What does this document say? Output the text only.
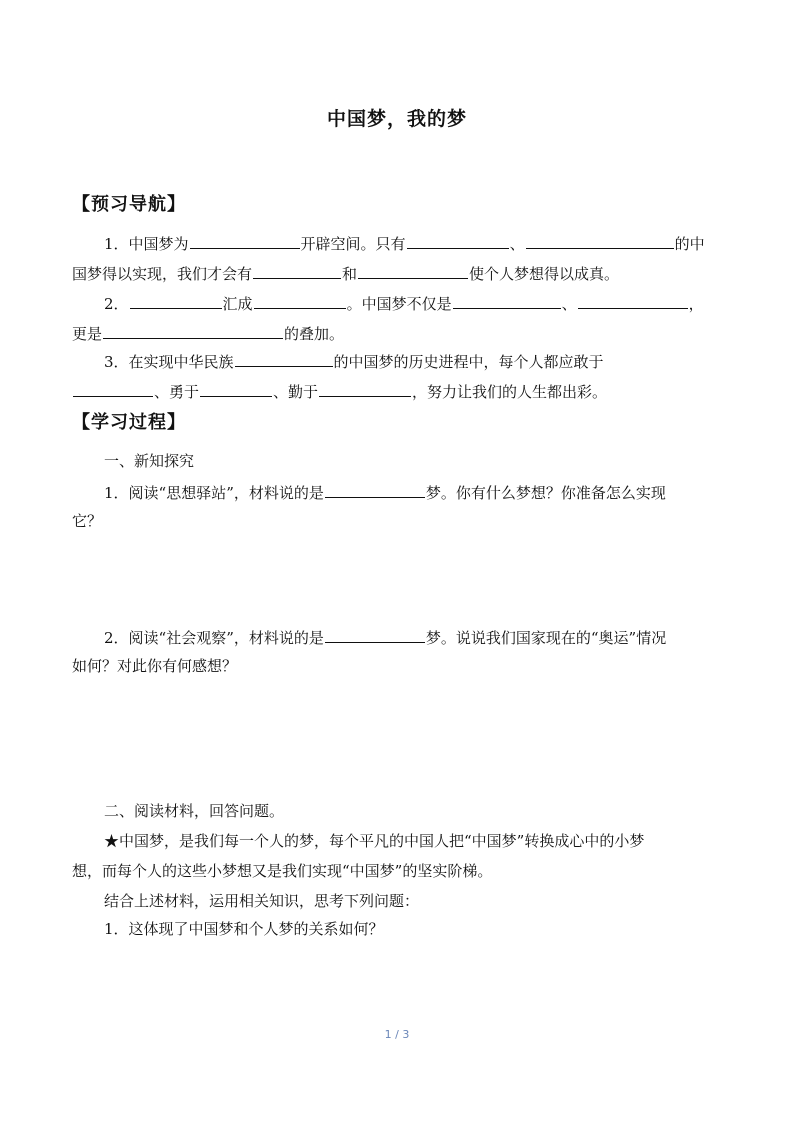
中国梦，我的梦
【预习导航】
1．中国梦为	开辟空间。只有	、	的中
国梦得以实现，我们才会有	和	使个人梦想得以成真。
2．	汇成	。中国梦不仅是	、	，
更是	的叠加。
3．在实现中华民族	的中国梦的历史进程中，每个人都应敢于
、勇于	、勤于	，努力让我们的人生都出彩。
【学习过程】
一、新知探究
1．阅读“思想驿站”，材料说的是	梦。你有什么梦想？你准备怎么实现
它？
2．阅读“社会观察”，材料说的是	梦。说说我们国家现在的“奥运”情况
如何？对此你有何感想？
二、阅读材料，回答问题。
★中国梦，是我们每一个人的梦，每个平凡的中国人把“中国梦”转换成心中的小梦
想，而每个人的这些小梦想又是我们实现“中国梦”的坚实阶梯。
结合上述材料，运用相关知识，思考下列问题：
1．这体现了中国梦和个人梦的关系如何？
1 / 3
